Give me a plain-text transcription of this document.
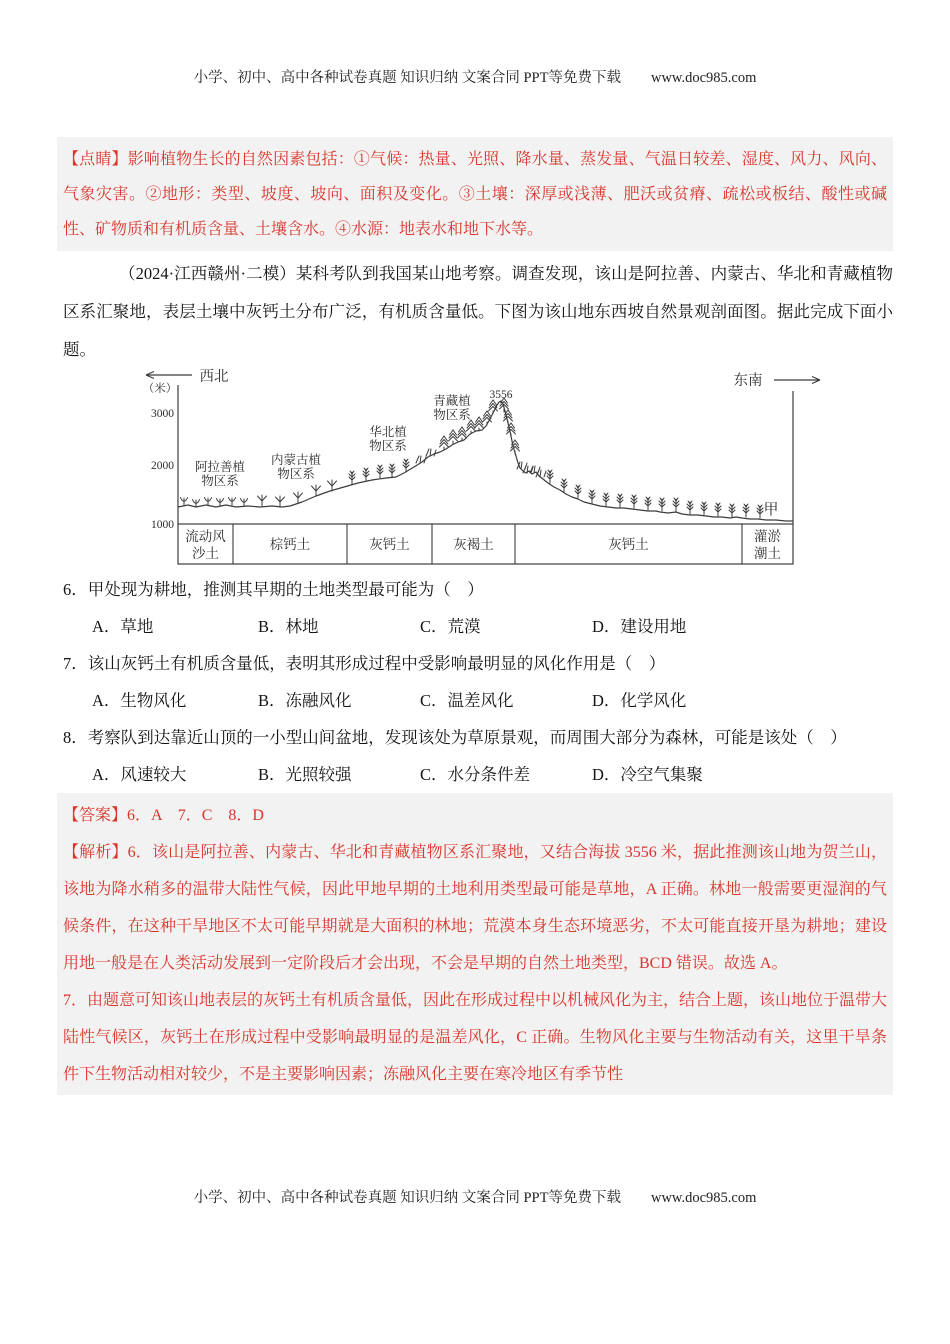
小学、初中、高中各种试卷真题 知识归纳 文案合同 PPT等免费下载 www.doc985.com
【点睛】影响植物生长的自然因素包括：①气候：热量、光照、降水量、蒸发量、气温日较差、湿度、风力、风向、气象灾害。②地形：类型、坡度、坡向、面积及变化。③土壤：深厚或浅薄、肥沃或贫瘠、疏松或板结、酸性或碱性、矿物质和有机质含量、土壤含水。④水源：地表水和地下水等。

（2024·江西赣州·二模）某科考队到我国某山地考察。调查发现，该山是阿拉善、内蒙古、华北和青藏植物区系汇聚地，表层土壤中灰钙土分布广泛，有机质含量低。下图为该山地东西坡自然景观剖面图。据此完成下面小题。

西北	东南
（米）
3000
2000
1000
流动风
沙土
棕钙土	灰钙土	灰褐土	灰钙土
灌淤
潮土
3556
甲
阿拉善植
物区系
内蒙古植
物区系
华北植
物区系
青藏植
物区系

6．甲处现为耕地，推测其早期的土地类型最可能为（　）

A．草地	B．林地	C．荒漠	D．建设用地

7．该山灰钙土有机质含量低，表明其形成过程中受影响最明显的风化作用是（　）

A．生物风化	B．冻融风化	C．温差风化	D．化学风化

8．考察队到达靠近山顶的一小型山间盆地，发现该处为草原景观，而周围大部分为森林，可能是该处（　）

A．风速较大	B．光照较强	C．水分条件差	D．冷空气集聚

【答案】6．A　7．C　8．D

【解析】6．该山是阿拉善、内蒙古、华北和青藏植物区系汇聚地，又结合海拔 3556 米，据此推测该山地为贺兰山，该地为降水稍多的温带大陆性气候，因此甲地早期的土地利用类型最可能是草地，A 正确。林地一般需要更湿润的气候条件，在这种干旱地区不太可能早期就是大面积的林地；荒漠本身生态环境恶劣，不太可能直接开垦为耕地；建设用地一般是在人类活动发展到一定阶段后才会出现，不会是早期的自然土地类型，BCD 错误。故选 A。

7．由题意可知该山地表层的灰钙土有机质含量低，因此在形成过程中以机械风化为主，结合上题，该山地位于温带大陆性气候区，灰钙土在形成过程中受影响最明显的是温差风化，C 正确。生物风化主要与生物活动有关，这里干旱条件下生物活动相对较少，不是主要影响因素；冻融风化主要在寒冷地区有季节性

小学、初中、高中各种试卷真题 知识归纳 文案合同 PPT等免费下载 www.doc985.com
